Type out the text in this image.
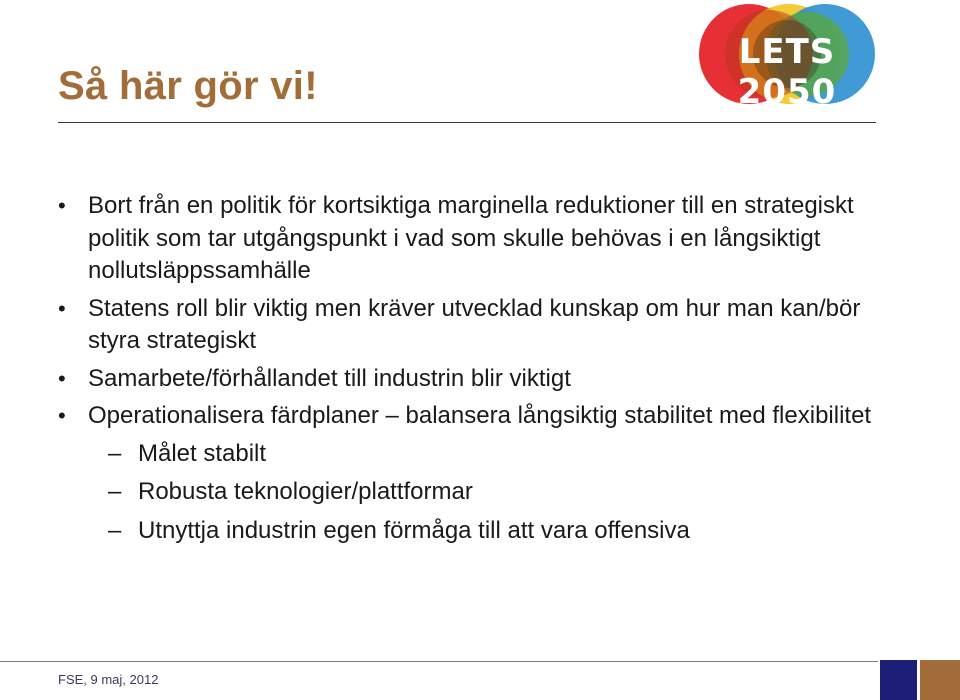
Så här gör vi!
LETS 2050
• Bort från en politik för kortsiktiga marginella reduktioner till en strategiskt politik som tar utgångspunkt i vad som skulle behövas i en långsiktigt nollutsläppssamhälle
• Statens roll blir viktig men kräver utvecklad kunskap om hur man kan/bör styra strategiskt
• Samarbete/förhållandet till industrin blir viktigt
• Operationalisera färdplaner – balansera långsiktig stabilitet med flexibilitet
– Målet stabilt
– Robusta teknologier/plattformar
– Utnyttja industrin egen förmåga till att vara offensiva
FSE, 9 maj, 2012
